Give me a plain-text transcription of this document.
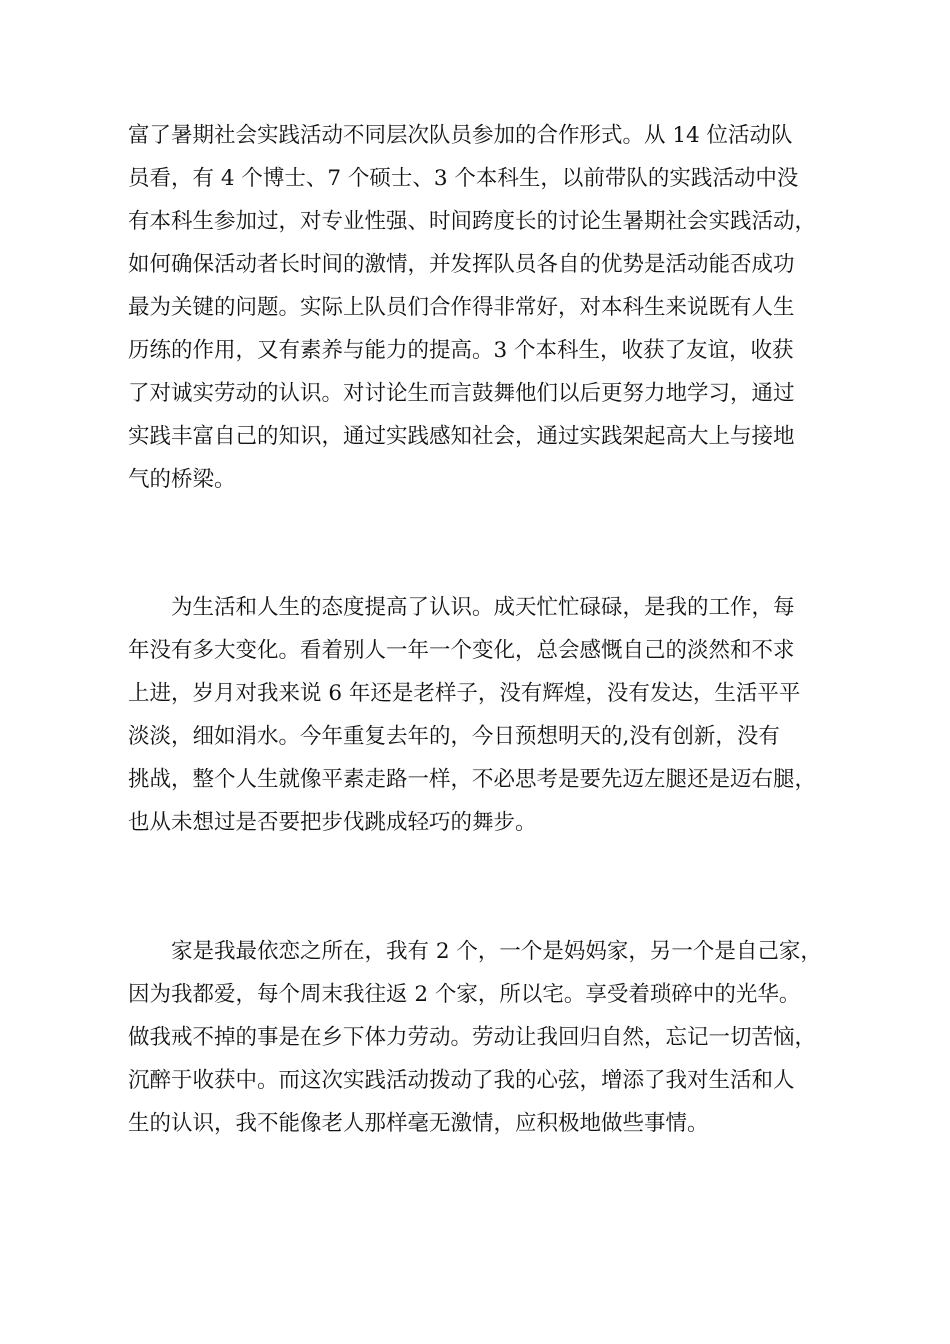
富了暑期社会实践活动不同层次队员参加的合作形式。从 14 位活动队
员看，有 4 个博士、7 个硕士、3 个本科生，以前带队的实践活动中没
有本科生参加过，对专业性强、时间跨度长的讨论生暑期社会实践活动，
如何确保活动者长时间的激情，并发挥队员各自的优势是活动能否成功
最为关键的问题。实际上队员们合作得非常好，对本科生来说既有人生
历练的作用，又有素养与能力的提高。3 个本科生，收获了友谊，收获
了对诚实劳动的认识。对讨论生而言鼓舞他们以后更努力地学习，通过
实践丰富自己的知识，通过实践感知社会，通过实践架起高大上与接地
气的桥梁。
为生活和人生的态度提高了认识。成天忙忙碌碌，是我的工作，每
年没有多大变化。看着别人一年一个变化，总会感慨自己的淡然和不求
上进，岁月对我来说 6 年还是老样子，没有辉煌，没有发达，生活平平
淡淡，细如涓水。今年重复去年的，今日预想明天的,没有创新，没有
挑战，整个人生就像平素走路一样，不必思考是要先迈左腿还是迈右腿，
也从未想过是否要把步伐跳成轻巧的舞步。
家是我最依恋之所在，我有 2 个，一个是妈妈家，另一个是自己家，
因为我都爱，每个周末我往返 2 个家，所以宅。享受着琐碎中的光华。
做我戒不掉的事是在乡下体力劳动。劳动让我回归自然，忘记一切苦恼，
沉醉于收获中。而这次实践活动拨动了我的心弦，增添了我对生活和人
生的认识，我不能像老人那样毫无激情，应积极地做些事情。
